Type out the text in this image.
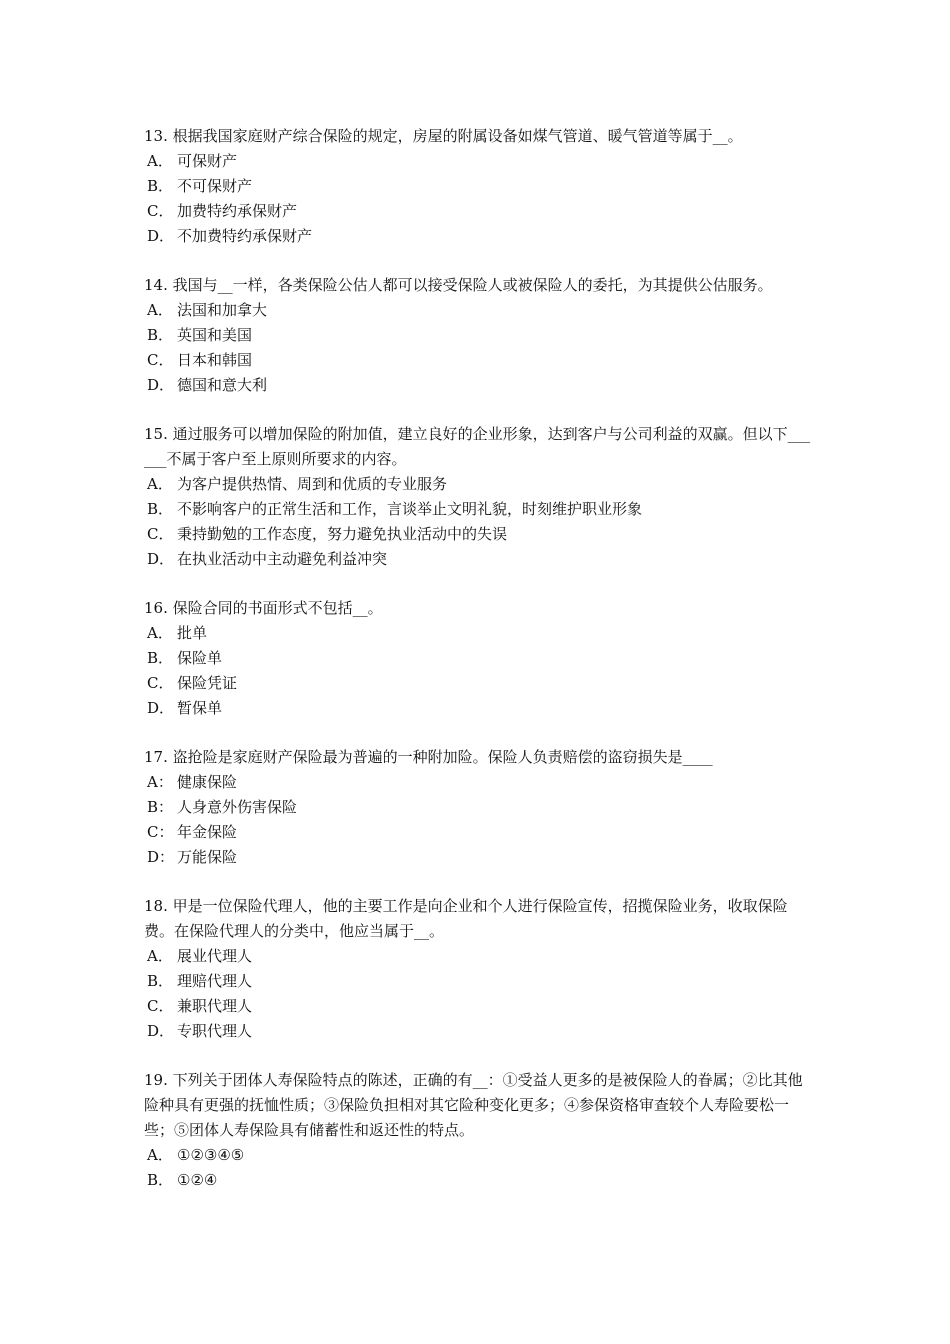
13. 根据我国家庭财产综合保险的规定，房屋的附属设备如煤气管道、暖气管道等属于__。

A． 可保财产
B． 不可保财产
C． 加费特约承保财产
D． 不加费特约承保财产

14. 我国与__一样，各类保险公估人都可以接受保险人或被保险人的委托，为其提供公估服务。

A． 法国和加拿大
B． 英国和美国
C． 日本和韩国
D． 德国和意大利

15. 通过服务可以增加保险的附加值，建立良好的企业形象，达到客户与公司利益的双赢。但以下______不属于客户至上原则所要求的内容。

A． 为客户提供热情、周到和优质的专业服务
B． 不影响客户的正常生活和工作，言谈举止文明礼貌，时刻维护职业形象
C． 秉持勤勉的工作态度，努力避免执业活动中的失误
D． 在执业活动中主动避免利益冲突

16. 保险合同的书面形式不包括__。

A． 批单
B． 保险单
C． 保险凭证
D． 暂保单

17. 盗抢险是家庭财产保险最为普遍的一种附加险。保险人负责赔偿的盗窃损失是____

A： 健康保险
B： 人身意外伤害保险
C： 年金保险
D： 万能保险

18. 甲是一位保险代理人，他的主要工作是向企业和个人进行保险宣传，招揽保险业务，收取保险费。在保险代理人的分类中，他应当属于__。

A． 展业代理人
B． 理赔代理人
C． 兼职代理人
D． 专职代理人

19. 下列关于团体人寿保险特点的陈述，正确的有__：①受益人更多的是被保险人的眷属；②比其他险种具有更强的抚恤性质；③保险负担相对其它险种变化更多；④参保资格审查较个人寿险要松一些；⑤团体人寿保险具有储蓄性和返还性的特点。

A． ①②③④⑤
B． ①②④
